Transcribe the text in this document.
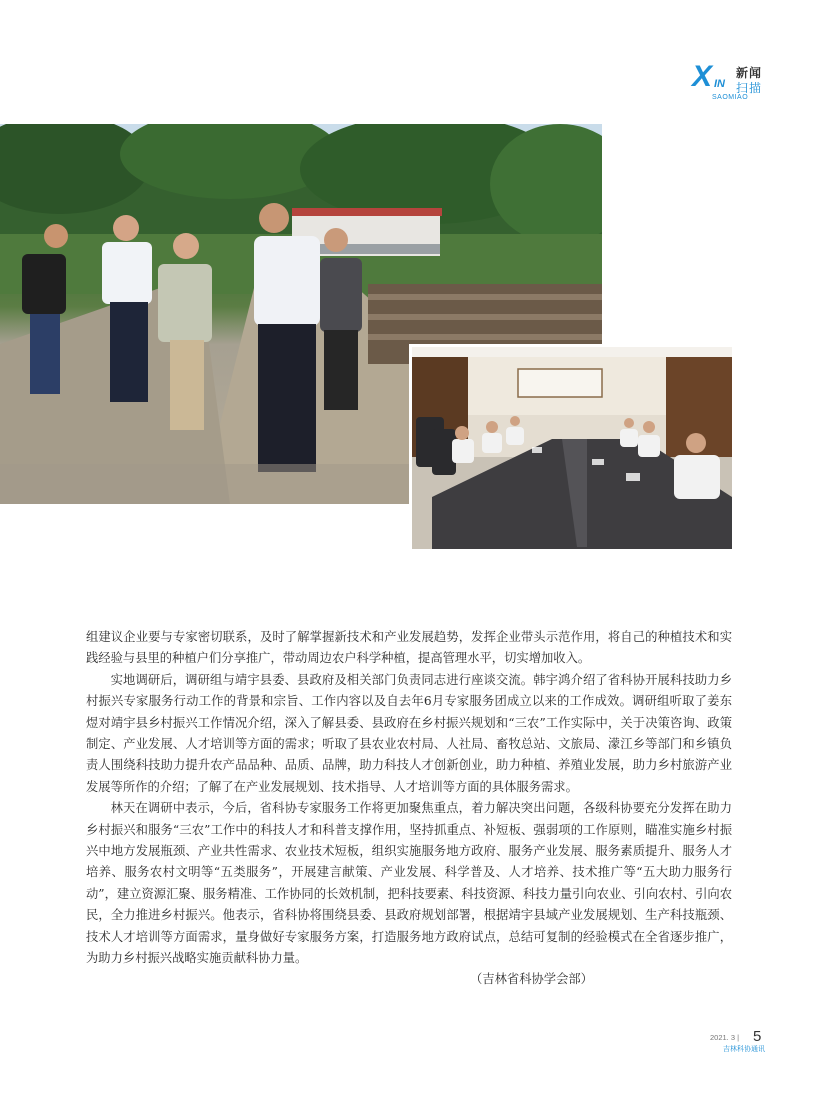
X IN
新闻
扫描
SAOMIAO

组建议企业要与专家密切联系，及时了解掌握新技术和产业发展趋势，发挥企业带头示范作用，将自己的种植技术和实践经验与县里的种植户们分享推广，带动周边农户科学种植，提高管理水平，切实增加收入。

实地调研后，调研组与靖宇县委、县政府及相关部门负责同志进行座谈交流。韩宇鸿介绍了省科协开展科技助力乡村振兴专家服务行动工作的背景和宗旨、工作内容以及自去年6月专家服务团成立以来的工作成效。调研组听取了姜东煜对靖宇县乡村振兴工作情况介绍，深入了解县委、县政府在乡村振兴规划和“三农”工作实际中，关于决策咨询、政策制定、产业发展、人才培训等方面的需求；听取了县农业农村局、人社局、畜牧总站、文旅局、濛江乡等部门和乡镇负责人围绕科技助力提升农产品品种、品质、品牌，助力科技人才创新创业，助力种植、养殖业发展，助力乡村旅游产业发展等所作的介绍；了解了在产业发展规划、技术指导、人才培训等方面的具体服务需求。

林天在调研中表示，今后，省科协专家服务工作将更加聚焦重点，着力解决突出问题，各级科协要充分发挥在助力乡村振兴和服务“三农”工作中的科技人才和科普支撑作用，坚持抓重点、补短板、强弱项的工作原则，瞄准实施乡村振兴中地方发展瓶颈、产业共性需求、农业技术短板，组织实施服务地方政府、服务产业发展、服务素质提升、服务人才培养、服务农村文明等“五类服务”，开展建言献策、产业发展、科学普及、人才培养、技术推广等“五大助力服务行动”，建立资源汇聚、服务精准、工作协同的长效机制，把科技要素、科技资源、科技力量引向农业、引向农村、引向农民，全力推进乡村振兴。他表示，省科协将围绕县委、县政府规划部署，根据靖宇县域产业发展规划、生产科技瓶颈、技术人才培训等方面需求，量身做好专家服务方案，打造服务地方政府试点，总结可复制的经验模式在全省逐步推广，为助力乡村振兴战略实施贡献科协力量。

（吉林省科协学会部）
2021. 3 | 5
吉林科协通讯
